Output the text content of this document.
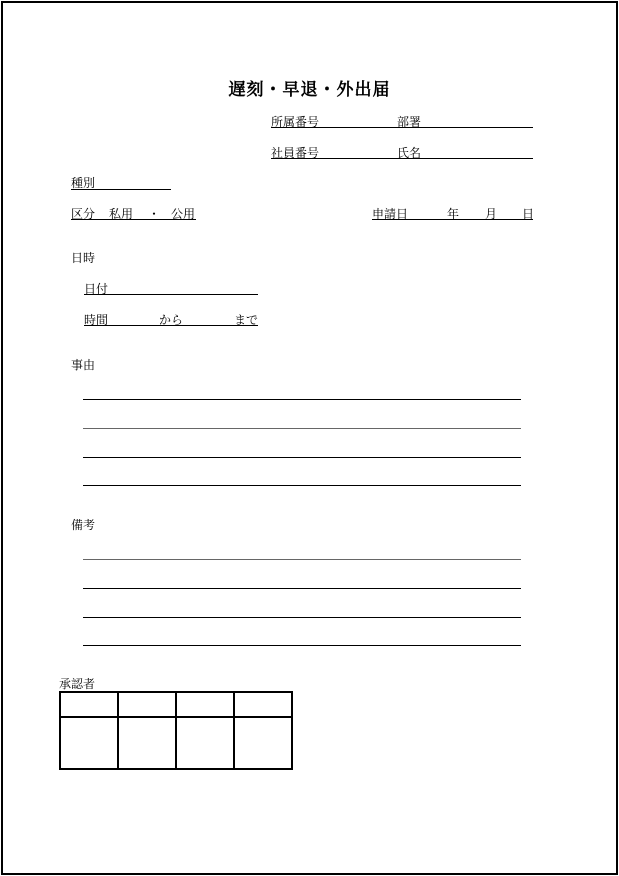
遅刻・早退・外出届
所属番号	部署
社員番号	氏名
種別
区分 私用 ・ 公用	申請日	年 月 日
日時
日付
時間	から	まで
事由
備考
承認者
